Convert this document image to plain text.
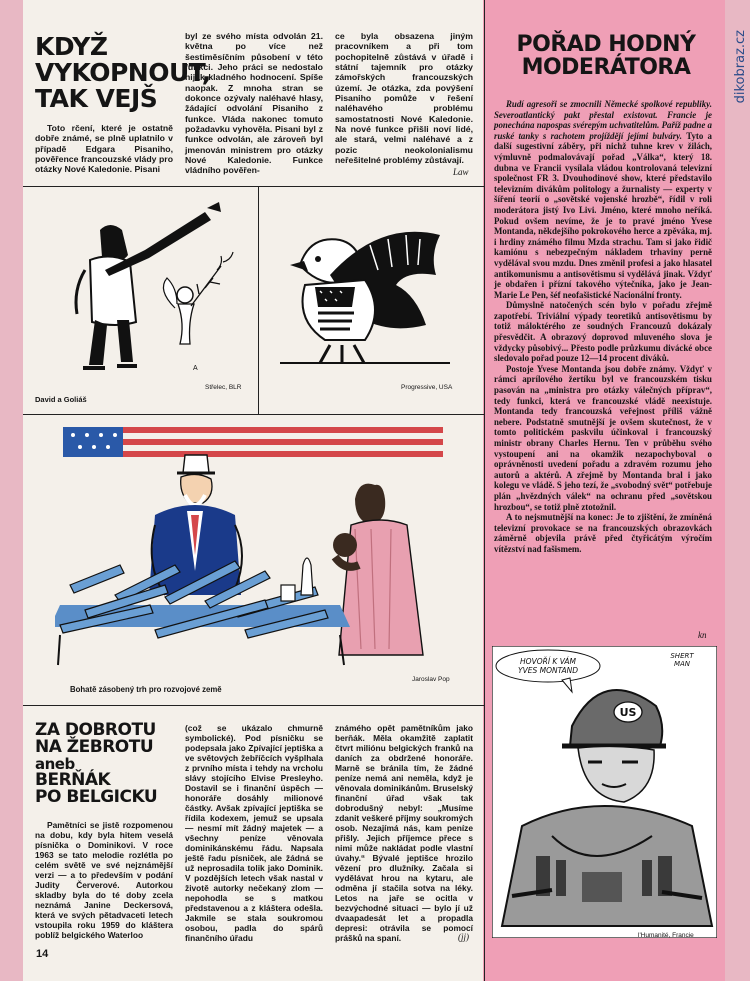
dikobraz.cz
KDYŽ
VYKOPNOUT,
TAK VEJŠ

Toto rčení, které je ostatně dobře známé, se plně uplatnilo v případě Edgara Pisaniho, pověřence francouzské vlády pro otázky Nové Kaledonie. Pisani

byl ze svého místa odvolán 21. května po více než šestiměsíčním působení v této funkci. Jeho práci se nedostalo nijak kladného hodnocení. Spíše naopak. Z mnoha stran se dokonce ozývaly naléhavé hlasy, žádající odvolání Pisaniho z funkce. Vláda nakonec tomuto požadavku vyhověla. Pisani byl z funkce odvolán, ale zároveň byl jmenován ministrem pro otázky Nové Kaledonie. Funkce vládního pověřen-

ce byla obsazena jiným pracovníkem a při tom pochopitelně zůstává v úřadě i státní tajemník pro otázky zámořských francouzských území. Je otázka, zda povýšení Pisaniho pomůže v řešení naléhavého problému samostatnosti Nové Kaledonie. Na nové funkce přišli noví lidé, ale stará, velmi naléhavé a z pozic neokolonialismu neřešitelné problémy zůstávají.

Law
A
David a Goliáš
Střelec, BLR	Progressive, USA
Bohatě zásobený trh pro rozvojové země
Jaroslav Pop
ZA DOBROTU
NA ŽEBROTU
aneb
BERŇÁK
PO BELGICKU

Pamětníci se jistě rozpomenou na dobu, kdy byla hitem veselá písnička o Dominikovi. V roce 1963 se tato melodie rozlétla po celém světě ve své nejznámější verzi — a to především v podání Judity Červerové. Autorkou skladby byla do té doby zcela neznámá Janine Deckersová, která ve svých pětadvaceti letech vstoupila roku 1959 do kláštera poblíž belgického Waterloo

(což se ukázalo chmurně symbolické). Pod písničku se podepsala jako Zpívající jeptiška a ve světových žebříčcích vyšplhala z prvního místa i tehdy na vrcholu slávy stojícího Elvise Presleyho. Dostavil se i finanční úspěch — honoráře dosáhly milionové částky. Avšak zpívající jeptiška se řídila kodexem, jemuž se upsala — nesmí mít žádný majetek — a všechny peníze věnovala dominikánskému řádu. Napsala ještě řadu písniček, ale žádná se už neprosadila tolik jako Dominik. V pozdějších letech však nastal v životě autorky nečekaný zlom — nepohodla se s matkou představenou a z kláštera odešla. Jakmile se stala soukromou osobou, padla do spárů finančního úřadu

známého opět pamětníkům jako berňák. Měla okamžitě zaplatit čtvrt miliónu belgických franků na daních za obdržené honoráře. Marně se bránila tím, že žádné peníze nemá ani neměla, když je věnovala dominikánům. Bruselský finanční úřad však tak dobrodušný nebyl: „Musíme zdanit veškeré příjmy soukromých osob. Nezajímá nás, kam peníze přišly. Jejich příjemce přece s nimi může nakládat podle vlastní úvahy.“ Bývalé jeptišce hrozilo vězení pro dlužníky. Začala si vydělávat hrou na kytaru, ale odměna jí stačila sotva na léky. Letos na jaře se ocitla v bezvýchodné situaci — bylo jí už dvaapadesát let a propadla depresi: otrávila se pomocí prášků na spaní.	(jj)
14
POŘAD HODNÝ
MODERÁTORA

Rudí agresoři se zmocnili Německé spolkové republiky. Severoatlantický pakt přestal existovat. Francie je ponechána napospas svérepým uchvatitelům. Paříž padne a ruské tanky s rachotem projíždějí jejími bulváry. Tyto a další sugestivní záběry, při nichž tuhne krev v žilách, výmluvně podmalovávají pořad „Válka“, který 18. dubna ve Francii vysílala vládou kontrolovaná televizní společnost FR 3. Dvouhodinové show, které představilo televizním divákům politology a žurnalisty — experty v šíření teorií o „sovětské vojenské hrozbě“, řídil v roli moderátora jistý Ivo Livi. Jméno, které mnoho neříká. Pokud ovšem nevíme, že je to pravé jméno Yvese Montanda, někdejšího pokrokového herce a zpěváka, mj. i hrdiny známého filmu Mzda strachu. Tam si jako řidič kamiónu s nebezpečným nákladem trhaviny perně vydělával svou mzdu. Dnes změnil profesi a jako hlasatel antikomunismu a antisovětismu si vydělává jinak. Vždyť je obdařen i přízní takového výtečníka, jako je Jean-Marie Le Pen, šéf neofašistické Nacionální fronty.

Důmyslně natočených scén bylo v pořadu zřejmě zapotřebí. Triviální výpady teoretiků antisovětismu by totiž máloktérého ze soudných Francouzů dokázaly přesvědčit. A obrazový doprovod mluveného slova je vždycky působivý... Přesto podle průzkumu divácké obce sledovalo pořad pouze 12—14 procent diváků.

Postoje Yvese Montanda jsou dobře známy. Vždyť v rámci aprílového žertíku byl ve francouzském tisku pasován na „ministra pro otázky válečných příprav“, tedy funkci, která ve francouzské vládě neexistuje. Montanda tedy francouzská veřejnost příliš vážně nebere. Podstatně smutnější je ovšem skutečnost, že v tomto politickém paskvilu účinkoval i francouzský ministr obrany Charles Hernu. Ten v průběhu svého vystoupení ani na okamžik nezapochyboval o oprávněnosti uvedení pořadu a zdravém rozumu jeho autorů a aktérů. A zřejmě by Montanda bral i jako kolegu ve vládě. S jeho tezí, že „svobodný svět“ potřebuje plán „hvězdných válek“ na ochranu před „sovětskou hrozbou“, se totiž plně ztotožnil.

A to nejsmutnější na konec: Je to zjištění, že zmíněná televizní provokace se na francouzských obrazovkách záměrně objevila právě před čtyřicátým výročím vítězství nad fašismem.

kn
HOVOŘÍ K VÁM
YVES MONTAND
SHERT
MAN
US
l'Humanité, Francie
